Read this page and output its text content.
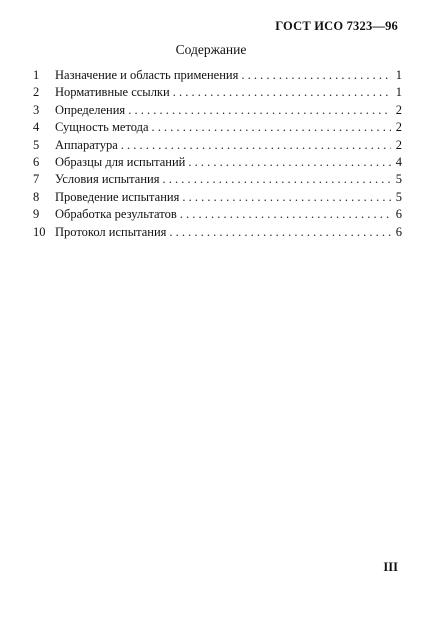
ГОСТ ИСО 7323—96
Содержание
1	Назначение и область применения . . .	1
2	Нормативные ссылки . . .	1
3	Определения . . .	2
4	Сущность метода . . .	2
5	Аппаратура . . .	2
6	Образцы для испытаний . . .	4
7	Условия испытания . . .	5
8	Проведение испытания . . .	5
9	Обработка результатов . . .	6
10 Протокол испытания . . .	6
III
